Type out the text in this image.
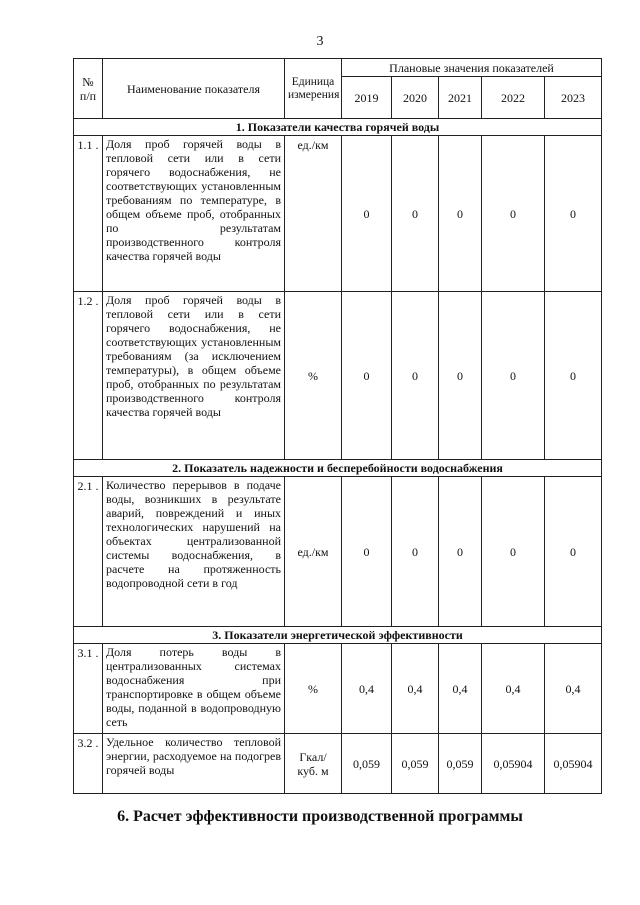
3
№ п/п	Наименование показателя	Единица измерения	Плановые значения показателей				
			2019	2020	2021	2022	2023
1. Показатели качества горячей воды							
1.1 .	Доля проб горячей воды в тепловой сети или в сети горячего водоснабжения, не соответствующих установленным требованиям по температуре, в общем объеме проб, отобранных по результатам производственного контроля качества горячей воды	ед./км	0	0	0	0	0
1.2 .	Доля проб горячей воды в тепловой сети или в сети горячего водоснабжения, не соответствующих установленным требованиям (за исключением температуры), в общем объеме проб, отобранных по результатам производственного контроля качества горячей воды	%	0	0	0	0	0
2. Показатель надежности и бесперебойности водоснабжения							
2.1 .	Количество перерывов в подаче воды, возникших в результате аварий, повреждений и иных технологических нарушений на объектах централизованной системы водоснабжения, в расчете на протяженность водопроводной сети в год	ед./км	0	0	0	0	0
3. Показатели энергетической эффективности							
3.1 .	Доля потерь воды в централизованных системах водоснабжения при транспортировке в общем объеме воды, поданной в водопроводную сеть	%	0,4	0,4	0,4	0,4	0,4
3.2 .	Удельное количество тепловой энергии, расходуемое на подогрев горячей воды	Гкал/ куб. м	0,059	0,059	0,059	0,05904	0,05904
6. Расчет эффективности производственной программы
